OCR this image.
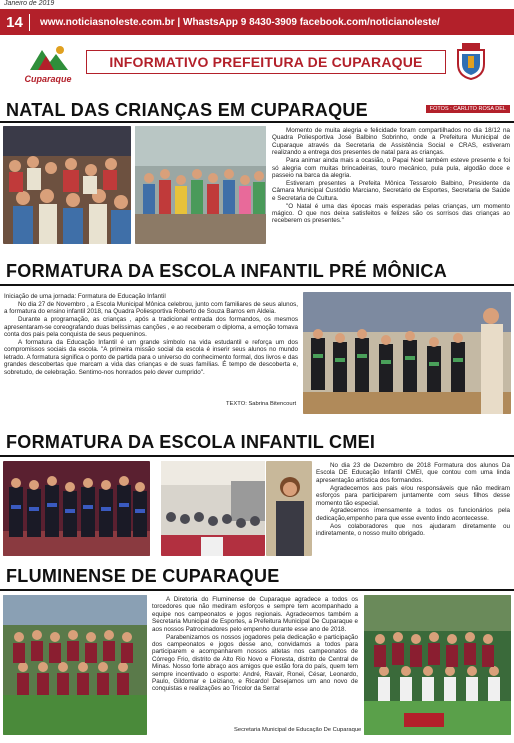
Janeiro de 2019
14	www.noticiasnoleste.com.br | WhastsApp 9 8430-3909 facebook.com/noticianoleste/
Cuparaque
INFORMATIVO PREFEITURA DE CUPARAQUE
NATAL DAS CRIANÇAS EM CUPARAQUE	FOTOS : CARLITO ROSA DEL

Momento de muita alegria e felicidade foram compartilhados no dia 18/12 na Quadra Poliesportiva José Balbino Sobrinho, onde a Prefeitura Municipal de Cuparaque através da Secretaria de Assistência Social e CRAS, estiveram realizando a entrega dos presentes de natal para as crianças.

Para animar ainda mais a ocasião, o Papai Noel também esteve presente e foi só alegria com muitas brincadeiras, touro mecânico, pula pula, algodão doce e passeio na barca da alegria.

Estiveram presentes a Prefeita Mônica Tessarolo Balbino, Presidente da Câmara Municipal Custódio Marciano, Secretário de Esportes, Secretaria de Saúde e Secretaria de Cultura.

"O Natal é uma das épocas mais esperadas pelas crianças, um momento mágico. O que nos deixa satisfeitos e felizes são os sorrisos das crianças ao receberem os presentes."

FORMATURA DA ESCOLA INFANTIL PRÉ MÔNICA

Iniciação de uma jornada: Formatura de Educação Infantil

No dia 27 de Novembro , a Escola Municipal Mônica celebrou, junto com familiares de seus alunos, a formatura do ensino infantil 2018, na Quadra Poliesportiva Roberto de Souza Barros em Aldeia.

Durante a programação, as crianças , após a tradicional entrada dos formandos, os mesmos apresentaram-se coreografando duas belíssimas canções , e ao receberam o diploma, a emoção tomava conta dos pais pela conquista de seus pequeninos.

A formatura da Educação Infantil é um grande símbolo na vida estudantil e reforça um dos compromissos sociais da escola. "A primeira missão social da escola é inserir seus alunos no mundo letrado. A formatura significa o ponto de partida para o universo do conhecimento formal, dos livros e das grandes descobertas que marcam a vida das crianças e de suas famílias. É tempo de descoberta e, sobretudo, de celebração. Sentimo-nos honrados pelo dever cumprido".

TEXTO: Sabrina Bitencourt
FORMATURA DA ESCOLA INFANTIL CMEI

No dia 23 de Dezembro de 2018 Formatura dos alunos Da Escola DE Educação Infantil CMEI, que contou com uma linda apresentação artística dos formandos.

Agradecemos aos pais e/ou responsáveis que não mediram esforços para participarem juntamente com seus filhos desse momento tão especial.

Agradecemos imensamente a todos os funcionários pela dedicação,empenho para que esse evento lindo acontecesse.

Aos colaboradores que nos ajudaram diretamente ou indiretamente, o nosso muito obrigado.

FLUMINENSE DE CUPARAQUE

A Diretoria do Fluminense de Cuparaque agradece a todos os torcedores que não mediram esforços e sempre tem acompanhado a equipe nos campeonatos e jogos regionais. Agradecemos também a Secretaria Municipal de Esportes, a Prefeitura Municipal De Cuparaque e aos nossos Patrocinadores pelo empenho durante esse ano de 2018.

Parabenizamos os nossos jogadores pela dedicação e participação dos campeonatos e jogos desse ano, convidamos a todos para participarem e acompanharem nossos atletas nos campeonatos de Córrego Frio, distrito de Alto Rio Novo e Floresta, distrito de Central de Minas. Nosso forte abraço aos amigos que estão fora do país, quem tem sempre incentivado o esporte: André, Ravair, Ronei, César, Leonardo, Paulo, Gildomar e Leiziano, e Ricardo! Desejamos um ano novo de conquistas e realizações ao Tricolor da Serra!

Secretaria Municipal de Educação De Cuparaque
